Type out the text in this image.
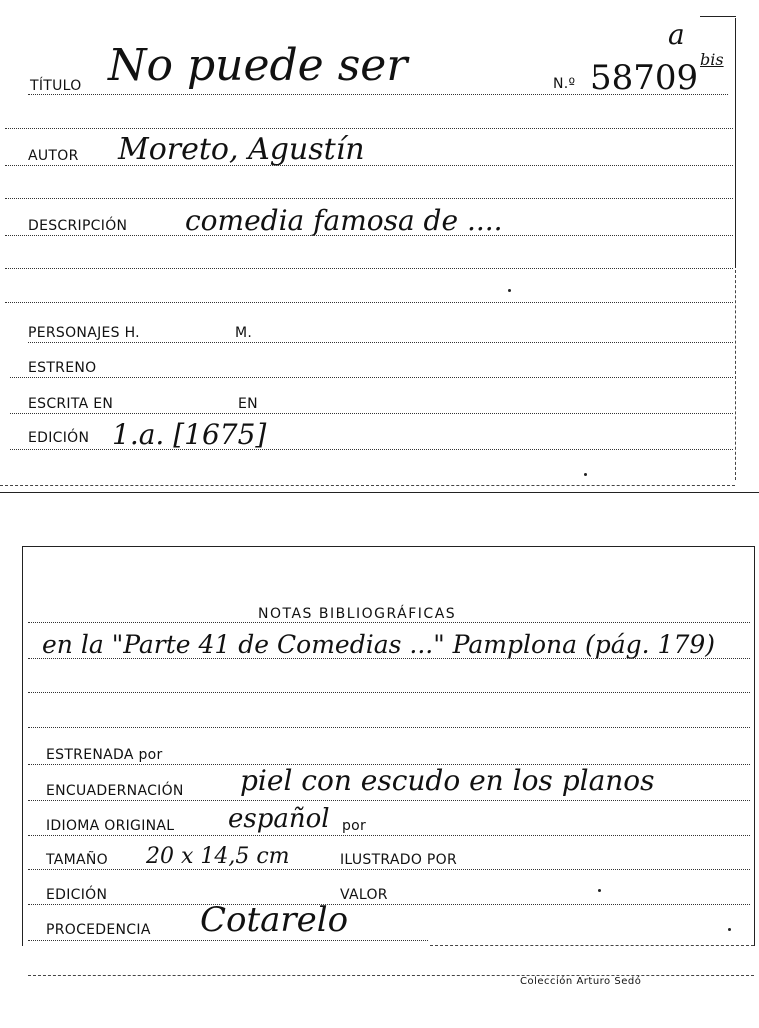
TÍTULO No puede ser	N.º 58709
a
bis
AUTOR Moreto, Agustín
DESCRIPCIÓN comedia famosa de ....
PERSONAJES H.	M.
ESTRENO
ESCRITA EN	EN
EDICIÓN 1.a. [1675]
NOTAS BIBLIOGRÁFICAS
en la "Parte 41 de Comedias ..." Pamplona (pág. 179)
ESTRENADA por
ENCUADERNACIÓN piel con escudo en los planos
IDIOMA ORIGINAL español por
TAMAÑO 20 x 14,5 cm	ILUSTRADO POR
EDICIÓN	VALOR
PROCEDENCIA Cotarelo
Colección Arturo Sedó
